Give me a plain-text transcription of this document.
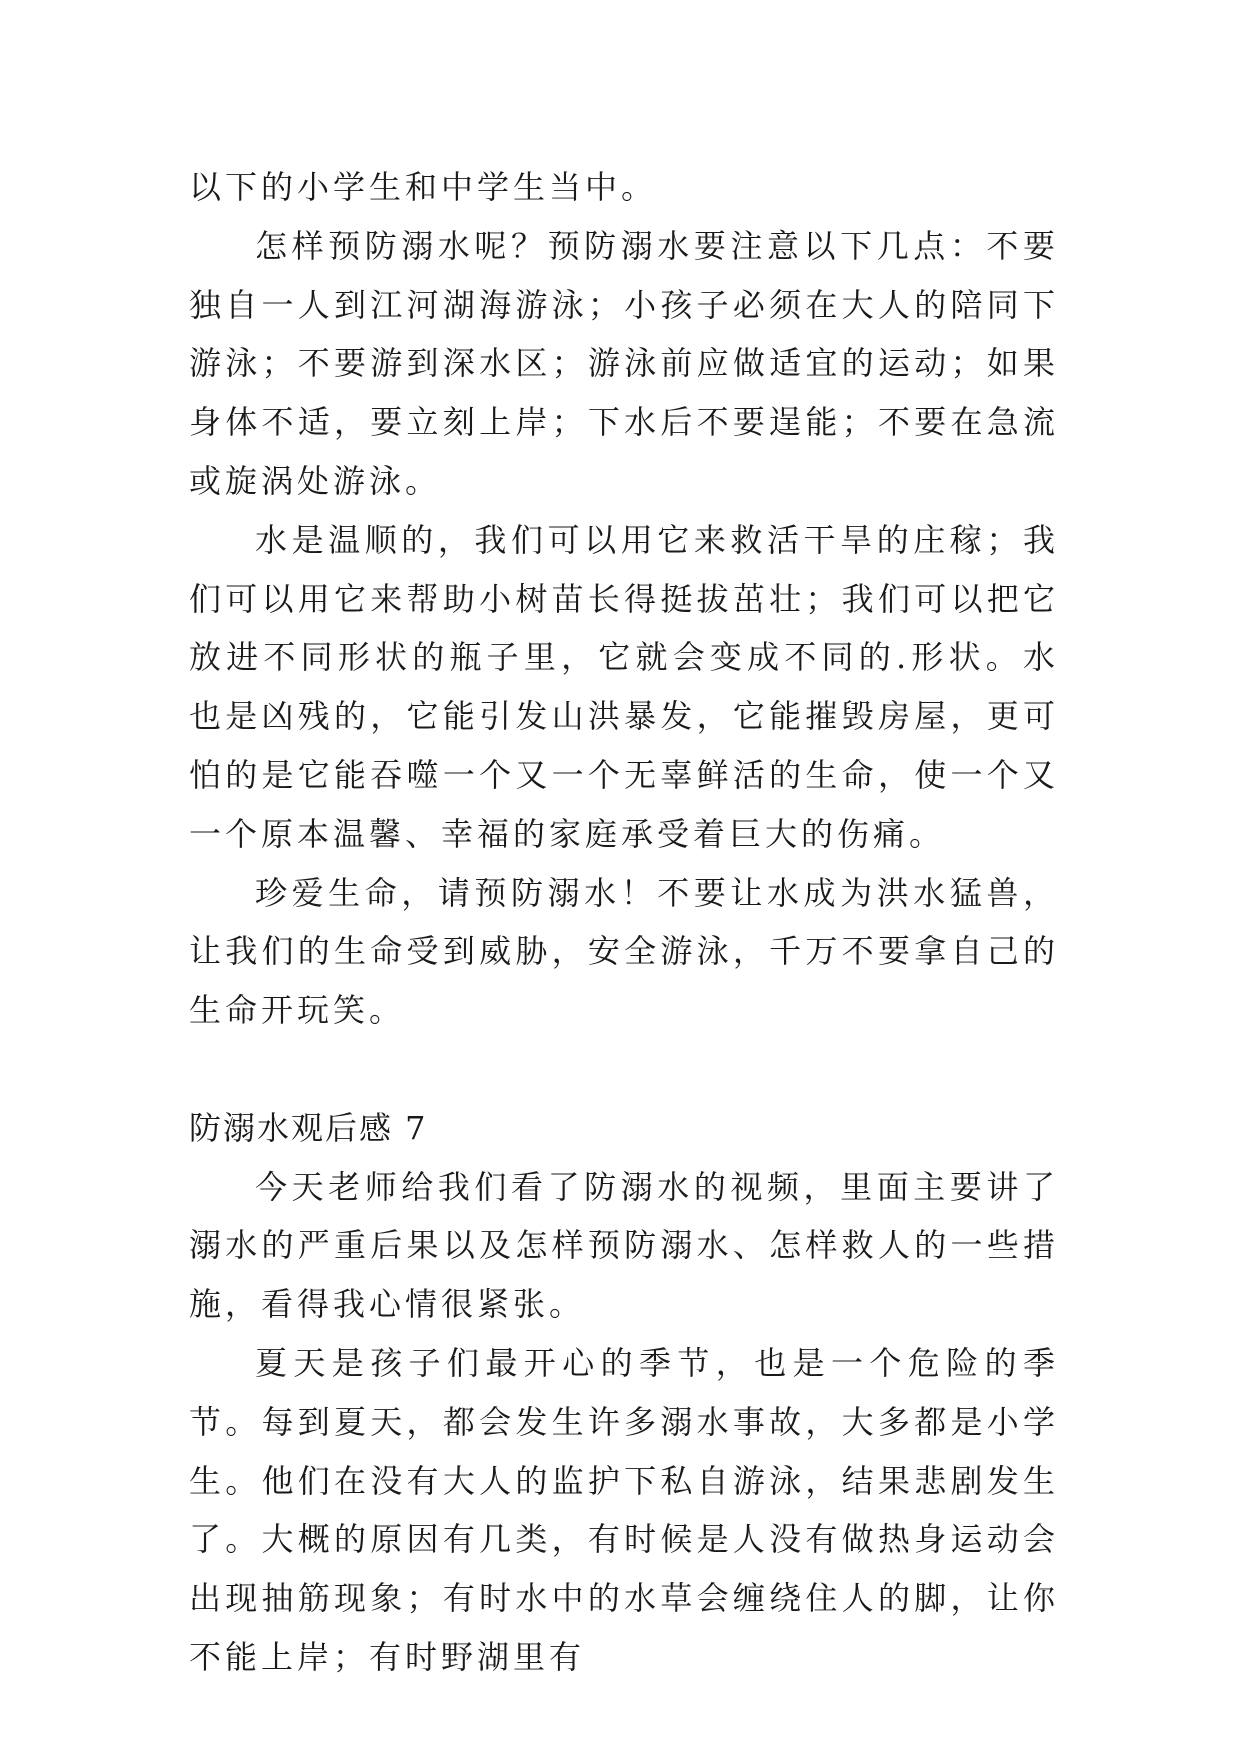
以下的小学生和中学生当中。

怎样预防溺水呢？预防溺水要注意以下几点：不要独自一人到江河湖海游泳；小孩子必须在大人的陪同下游泳；不要游到深水区；游泳前应做适宜的运动；如果身体不适，要立刻上岸；下水后不要逞能；不要在急流或旋涡处游泳。

水是温顺的，我们可以用它来救活干旱的庄稼；我们可以用它来帮助小树苗长得挺拔茁壮；我们可以把它放进不同形状的瓶子里，它就会变成不同的.形状。水也是凶残的，它能引发山洪暴发，它能摧毁房屋，更可怕的是它能吞噬一个又一个无辜鲜活的生命，使一个又一个原本温馨、幸福的家庭承受着巨大的伤痛。

珍爱生命，请预防溺水！不要让水成为洪水猛兽，让我们的生命受到威胁，安全游泳，千万不要拿自己的生命开玩笑。

防溺水观后感 7

今天老师给我们看了防溺水的视频，里面主要讲了溺水的严重后果以及怎样预防溺水、怎样救人的一些措施，看得我心情很紧张。

夏天是孩子们最开心的季节，也是一个危险的季节。每到夏天，都会发生许多溺水事故，大多都是小学生。他们在没有大人的监护下私自游泳，结果悲剧发生了。大概的原因有几类，有时候是人没有做热身运动会出现抽筋现象；有时水中的水草会缠绕住人的脚，让你不能上岸；有时野湖里有
